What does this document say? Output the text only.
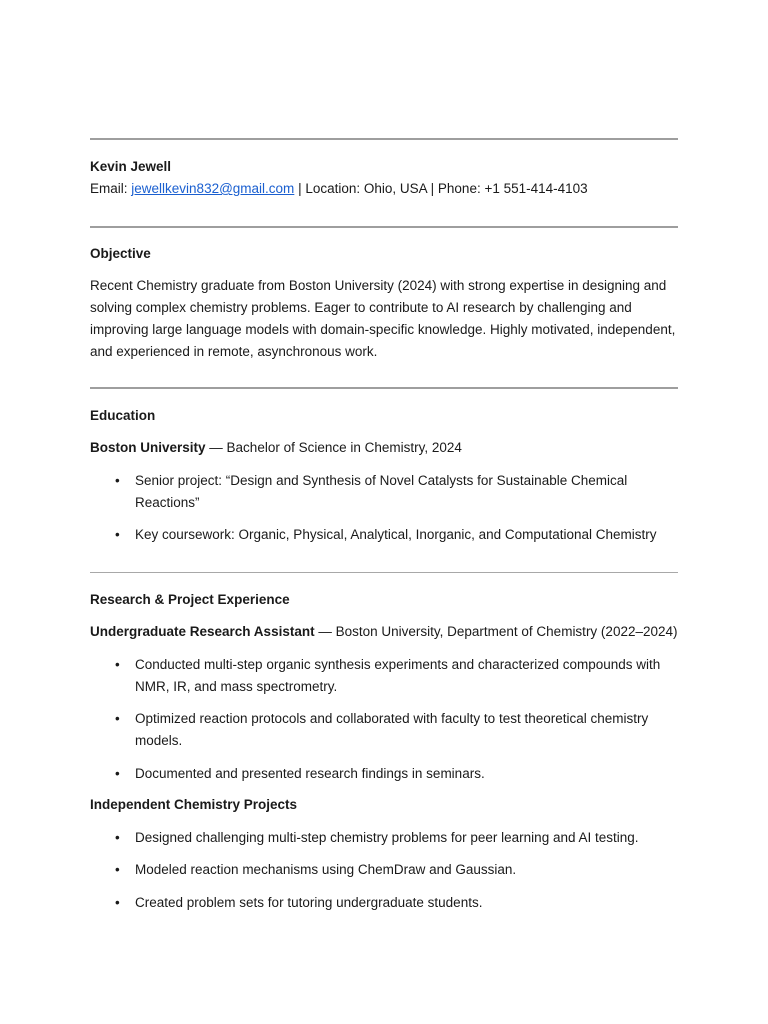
Kevin Jewell
Email: jewellkevin832@gmail.com | Location: Ohio, USA | Phone: +1 551-414-4103
Objective
Recent Chemistry graduate from Boston University (2024) with strong expertise in designing and solving complex chemistry problems. Eager to contribute to AI research by challenging and improving large language models with domain-specific knowledge. Highly motivated, independent, and experienced in remote, asynchronous work.
Education
Boston University — Bachelor of Science in Chemistry, 2024
• Senior project: “Design and Synthesis of Novel Catalysts for Sustainable Chemical Reactions”
• Key coursework: Organic, Physical, Analytical, Inorganic, and Computational Chemistry
Research & Project Experience
Undergraduate Research Assistant — Boston University, Department of Chemistry (2022–2024)
• Conducted multi-step organic synthesis experiments and characterized compounds with NMR, IR, and mass spectrometry.
• Optimized reaction protocols and collaborated with faculty to test theoretical chemistry models.
• Documented and presented research findings in seminars.
Independent Chemistry Projects
• Designed challenging multi-step chemistry problems for peer learning and AI testing.
• Modeled reaction mechanisms using ChemDraw and Gaussian.
• Created problem sets for tutoring undergraduate students.
